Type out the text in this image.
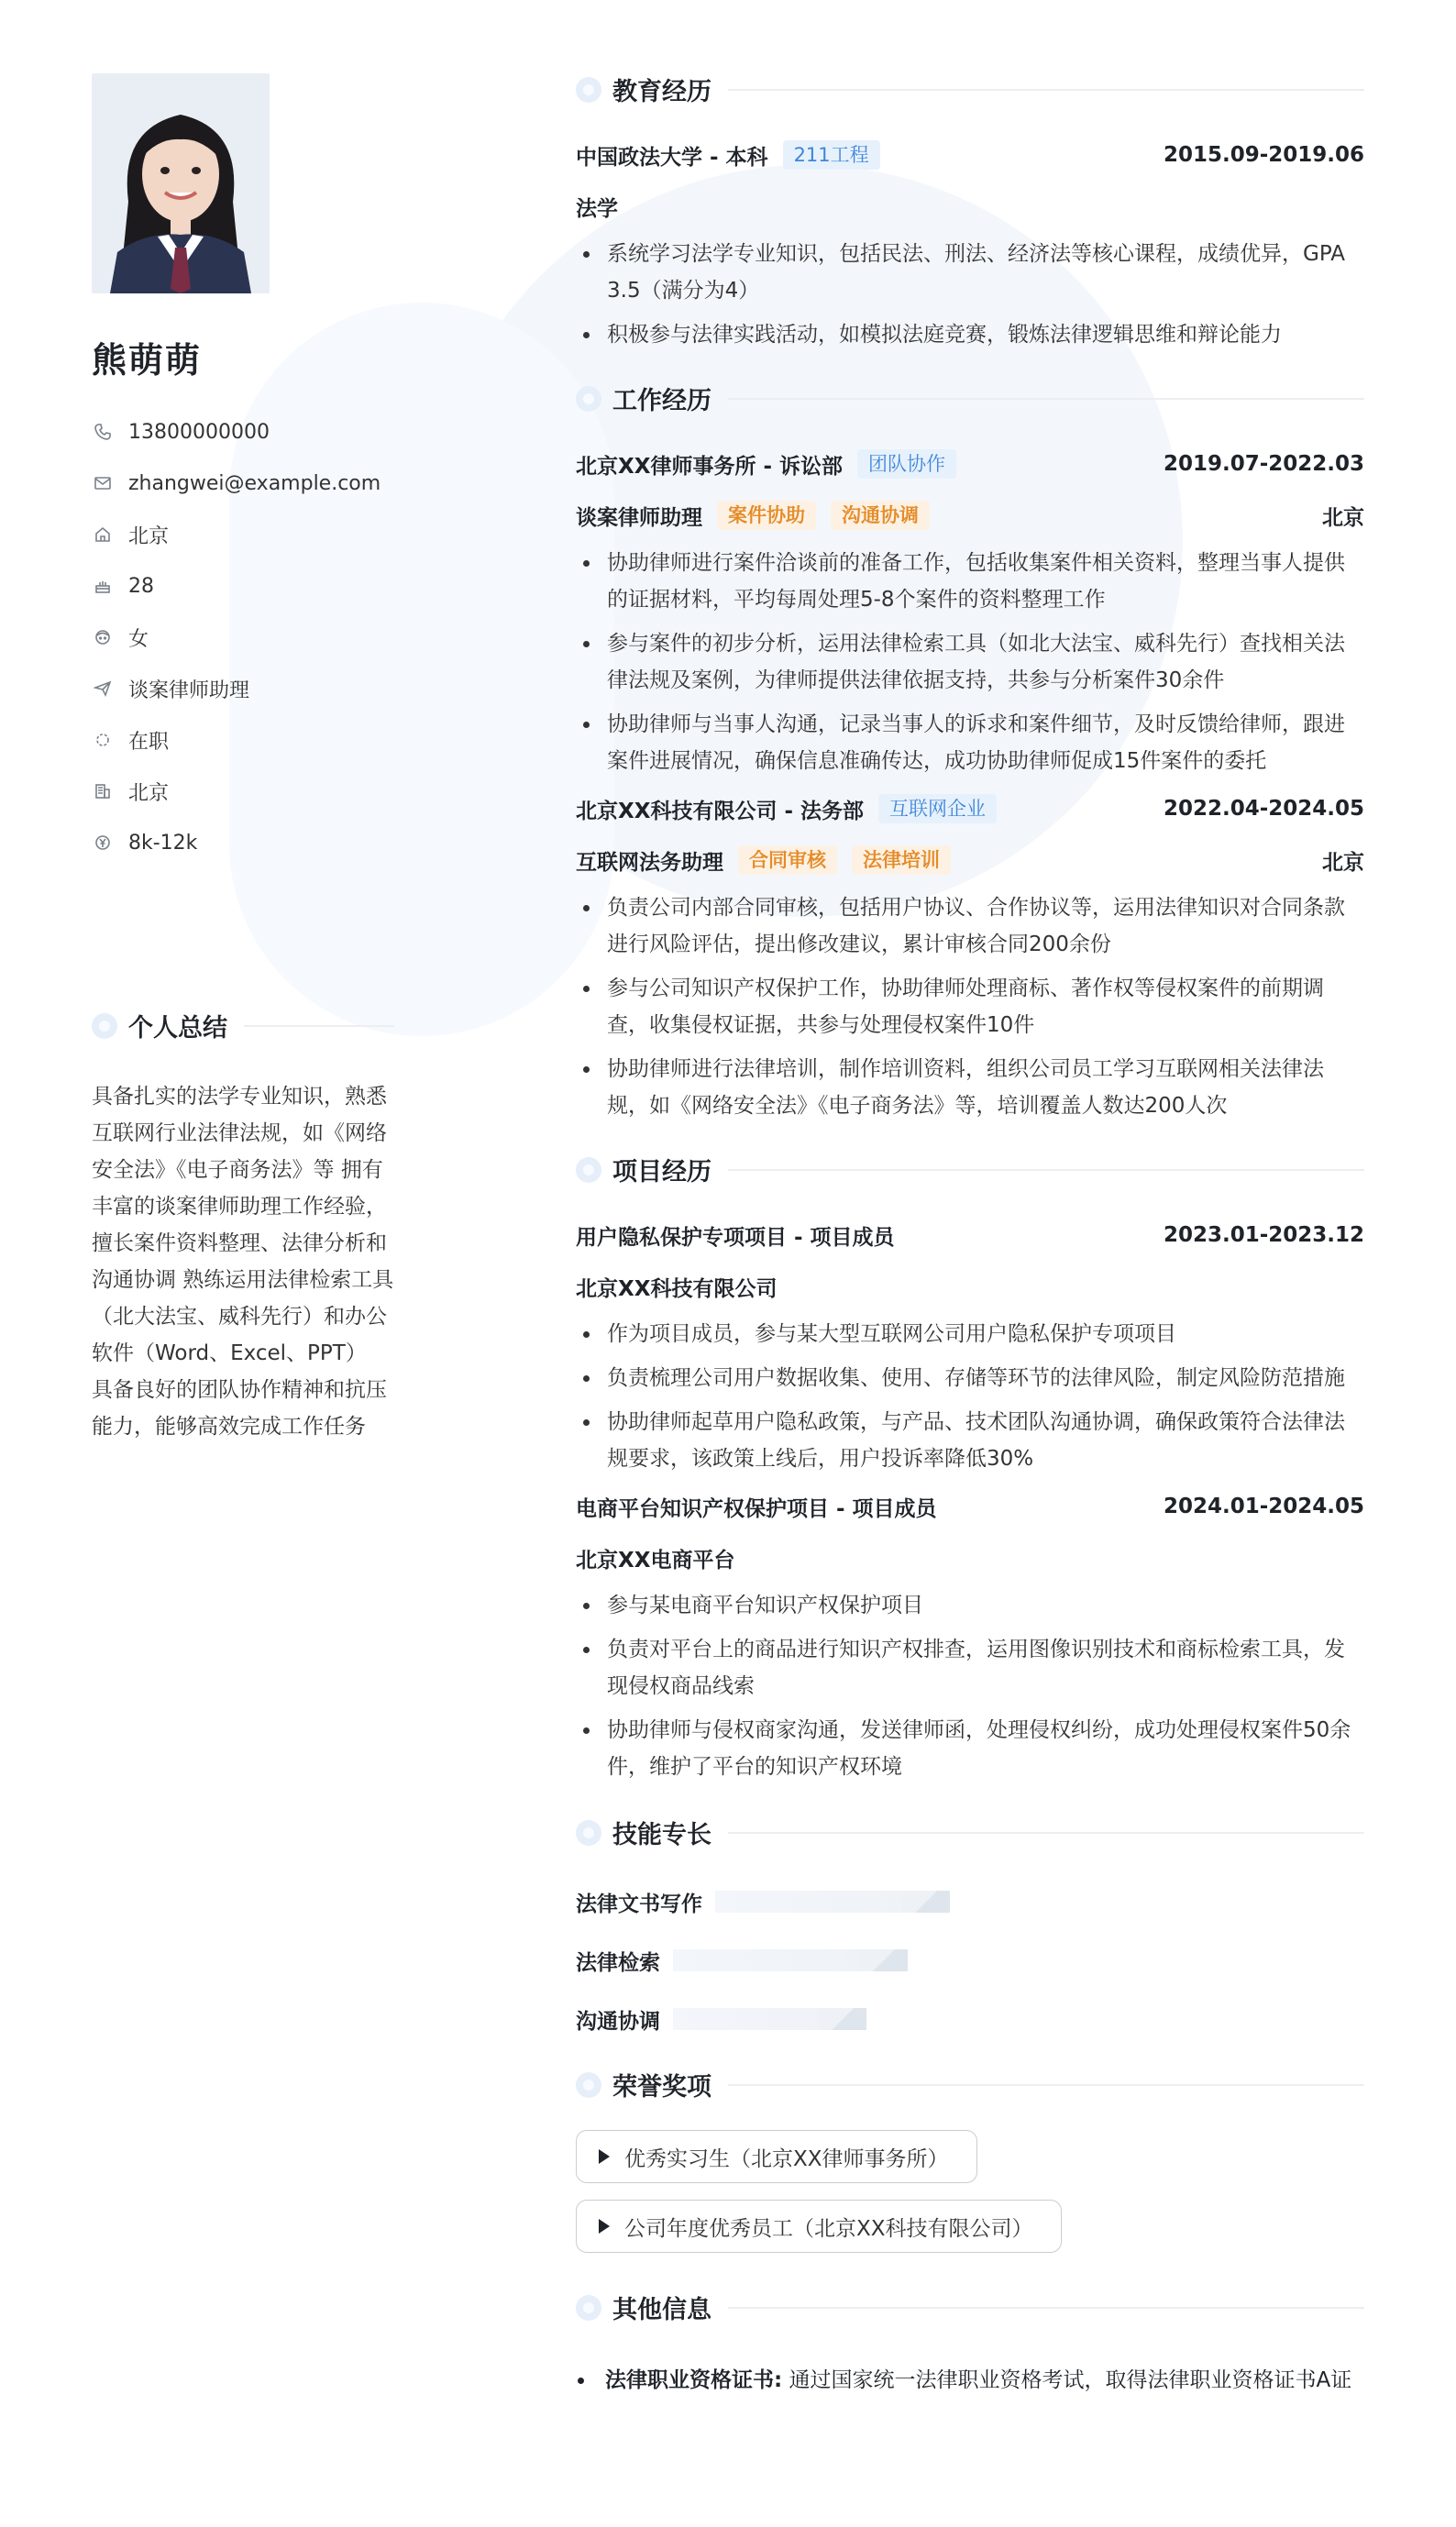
熊萌萌
13800000000
zhangwei@example.com
北京
28
女
谈案律师助理
在职
北京
8k-12k
个人总结
具备扎实的法学专业知识，熟悉互联网行业法律法规，如《网络安全法》《电子商务法》等 拥有丰富的谈案律师助理工作经验，擅长案件资料整理、法律分析和沟通协调 熟练运用法律检索工具（北大法宝、威科先行）和办公软件（Word、Excel、PPT） 具备良好的团队协作精神和抗压能力，能够高效完成工作任务
教育经历
中国政法大学 - 本科	211工程	2015.09-2019.06
法学
系统学习法学专业知识，包括民法、刑法、经济法等核心课程，成绩优异，GPA 3.5（满分为4）
积极参与法律实践活动，如模拟法庭竞赛，锻炼法律逻辑思维和辩论能力
工作经历
北京XX律师事务所 - 诉讼部	团队协作	2019.07-2022.03
谈案律师助理	案件协助	沟通协调	北京
协助律师进行案件洽谈前的准备工作，包括收集案件相关资料，整理当事人提供的证据材料，平均每周处理5-8个案件的资料整理工作
参与案件的初步分析，运用法律检索工具（如北大法宝、威科先行）查找相关法律法规及案例，为律师提供法律依据支持，共参与分析案件30余件
协助律师与当事人沟通，记录当事人的诉求和案件细节，及时反馈给律师，跟进案件进展情况，确保信息准确传达，成功协助律师促成15件案件的委托
北京XX科技有限公司 - 法务部	互联网企业	2022.04-2024.05
互联网法务助理	合同审核	法律培训	北京
负责公司内部合同审核，包括用户协议、合作协议等，运用法律知识对合同条款进行风险评估，提出修改建议，累计审核合同200余份
参与公司知识产权保护工作，协助律师处理商标、著作权等侵权案件的前期调查，收集侵权证据，共参与处理侵权案件10件
协助律师进行法律培训，制作培训资料，组织公司员工学习互联网相关法律法规，如《网络安全法》《电子商务法》等，培训覆盖人数达200人次
项目经历
用户隐私保护专项项目 - 项目成员	2023.01-2023.12
北京XX科技有限公司
作为项目成员，参与某大型互联网公司用户隐私保护专项项目
负责梳理公司用户数据收集、使用、存储等环节的法律风险，制定风险防范措施
协助律师起草用户隐私政策，与产品、技术团队沟通协调，确保政策符合法律法规要求，该政策上线后，用户投诉率降低30%
电商平台知识产权保护项目 - 项目成员	2024.01-2024.05
北京XX电商平台
参与某电商平台知识产权保护项目
负责对平台上的商品进行知识产权排查，运用图像识别技术和商标检索工具，发现侵权商品线索
协助律师与侵权商家沟通，发送律师函，处理侵权纠纷，成功处理侵权案件50余件，维护了平台的知识产权环境
技能专长
法律文书写作
法律检索
沟通协调
荣誉奖项
优秀实习生（北京XX律师事务所）
公司年度优秀员工（北京XX科技有限公司）
其他信息
法律职业资格证书: 通过国家统一法律职业资格考试，取得法律职业资格证书A证
